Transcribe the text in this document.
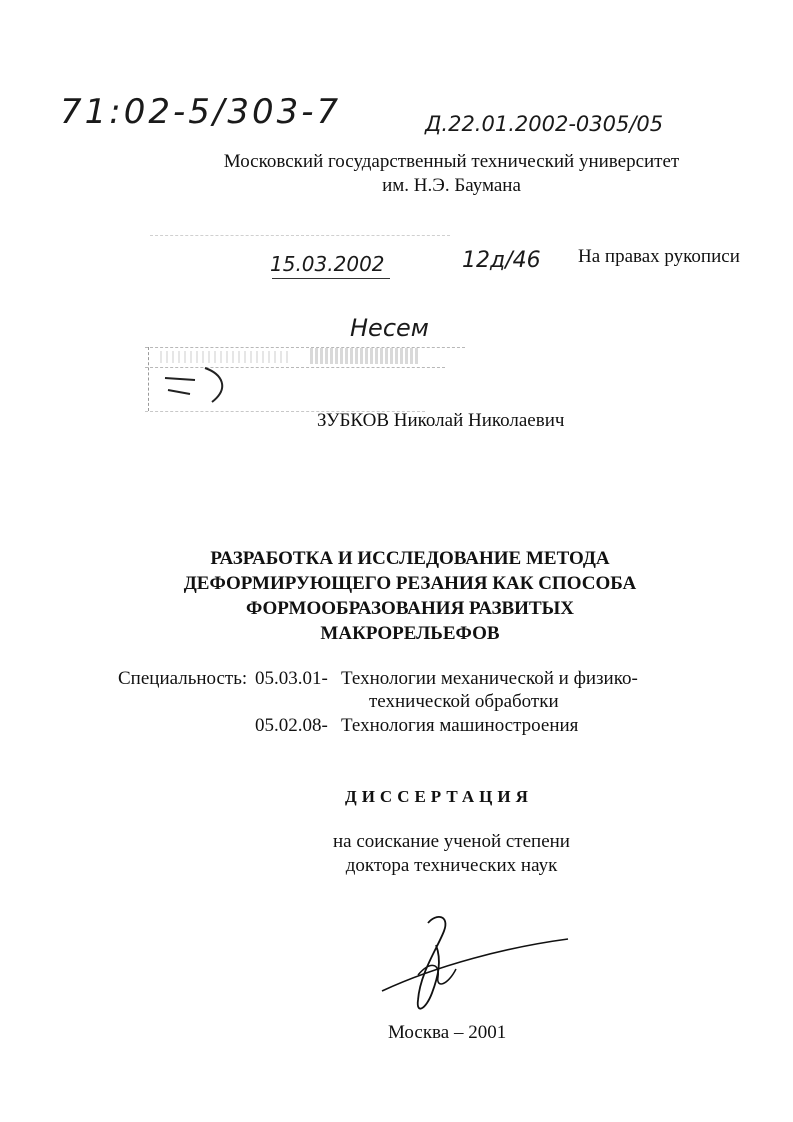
71:02-5/303-7	Д.22.01.2002-0305/05
Московский государственный технический университет
им. Н.Э. Баумана
15.03.2002	12д/46 На правах рукописи
Несем
ЗУБКОВ Николай Николаевич
РАЗРАБОТКА И ИССЛЕДОВАНИЕ МЕТОДА
ДЕФОРМИРУЮЩЕГО РЕЗАНИЯ КАК СПОСОБА
ФОРМООБРАЗОВАНИЯ РАЗВИТЫХ МАКРОРЕЛЬЕФОВ
Специальность: 05.03.01- Технологии механической и физико-
технической обработки
05.02.08- Технология машиностроения
ДИССЕРТАЦИЯ
на соискание ученой степени
доктора технических наук
Москва – 2001
